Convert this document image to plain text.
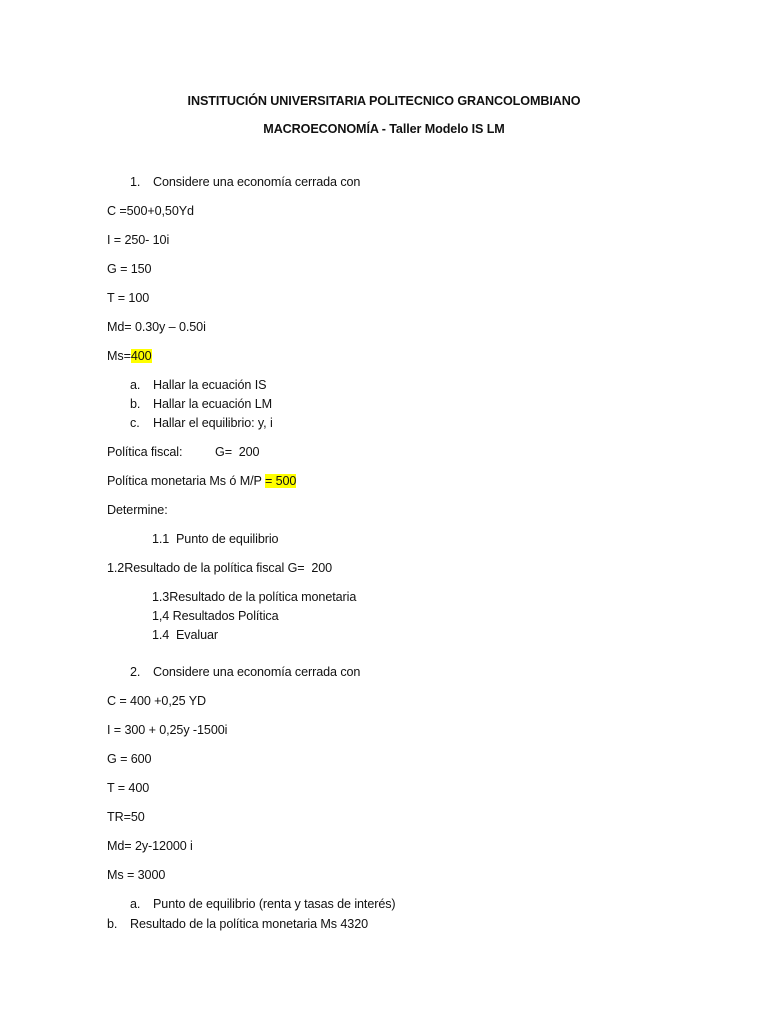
INSTITUCIÓN UNIVERSITARIA POLITECNICO GRANCOLOMBIANO
MACROECONOMÍA - Taller Modelo IS LM
1. Considere una economía cerrada con
C =500+0,50Yd
I = 250- 10i
G = 150
T = 100
Md= 0.30y – 0.50i
Ms=400
a. Hallar la ecuación IS
b. Hallar la ecuación LM
c. Hallar el equilibrio: y, i
Política fiscal:	G=  200
Política monetaria Ms ó M/P = 500
Determine:
1.1  Punto de equilibrio
1.2Resultado de la política fiscal G=  200
1.3Resultado de la política monetaria
1,4 Resultados Política
1.4  Evaluar
2. Considere una economía cerrada con
C = 400 +0,25 YD
I = 300 + 0,25y -1500i
G = 600
T = 400
TR=50
Md= 2y-12000 i
Ms = 3000
a. Punto de equilibrio (renta y tasas de interés)
b. Resultado de la política monetaria Ms 4320
